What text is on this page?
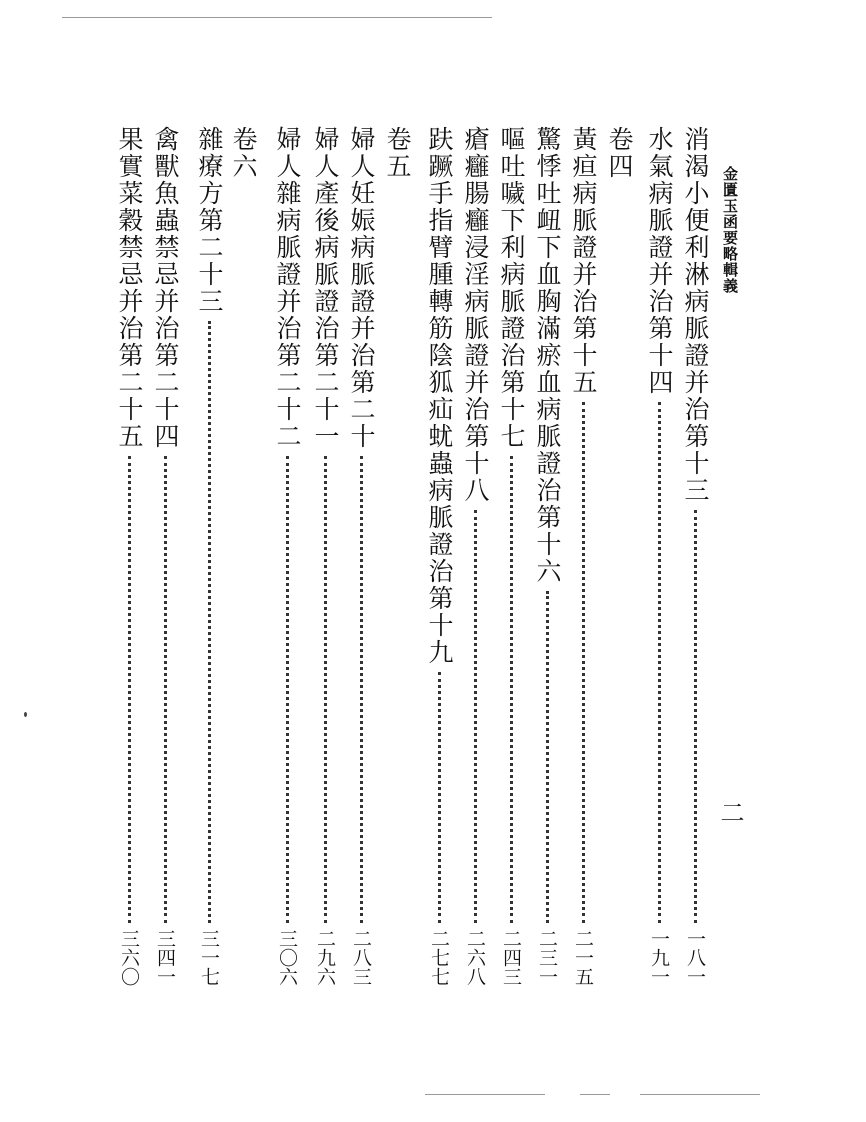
金匱玉函要略輯義
二
消渴小便利淋病脈證并治第十三
一八一
水氣病脈證并治第十四
一九一
卷四
黃疸病脈證并治第十五
二一五
驚悸吐衄下血胸滿瘀血病脈證治第十六
二三一
嘔吐噦下利病脈證治第十七
二四三
瘡癰腸癰浸淫病脈證并治第十八
二六八
趺蹶手指臂腫轉筋陰狐疝蚘蟲病脈證治第十九
二七七
卷五
婦人妊娠病脈證并治第二十
二八三
婦人產後病脈證治第二十一
二九六
婦人雜病脈證并治第二十二
三〇六
卷六
雜療方第二十三
三一七
禽獸魚蟲禁忌并治第二十四
三四一
果實菜穀禁忌并治第二十五
三六〇
